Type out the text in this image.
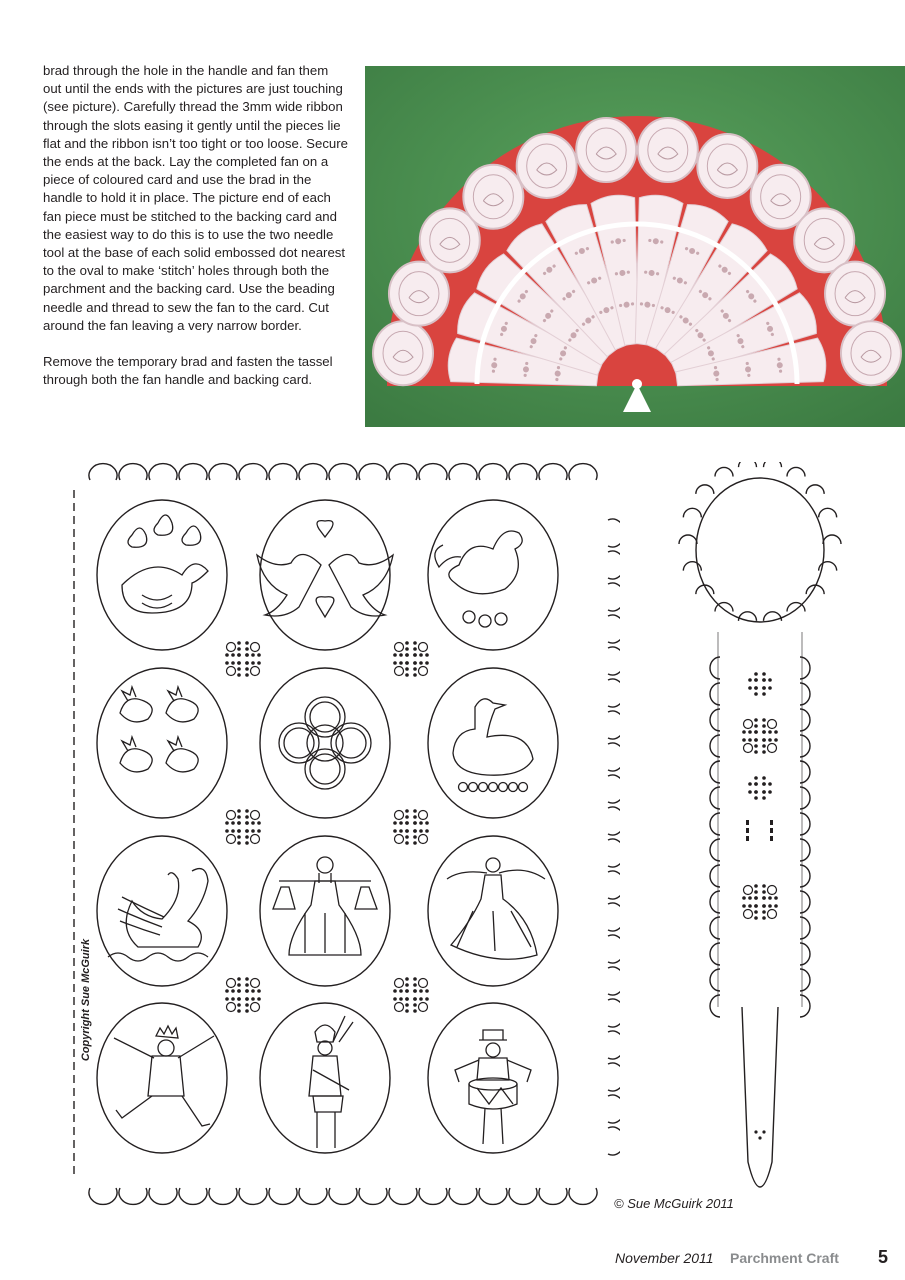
brad through the hole in the handle and fan them out until the ends with the pictures are just touching (see picture). Carefully thread the 3mm wide ribbon through the slots easing it gently until the pieces lie flat and the ribbon isn’t too tight or too loose. Secure the ends at the back. Lay the completed fan on a piece of coloured card and use the brad in the handle to hold it in place. The picture end of each fan piece must be stitched to the backing card and the easiest way to do this is to use the two needle tool at the base of each solid embossed dot nearest to the oval to make ‘stitch’ holes through both the parchment and the backing card. Use the beading needle and thread to sew the fan to the card. Cut around the fan leaving a very narrow border.

Remove the temporary brad and fasten the tassel through both the fan handle and backing card.

Copyright Sue McGuirk
© Sue McGuirk 2011
November 2011 Parchment Craft 5
